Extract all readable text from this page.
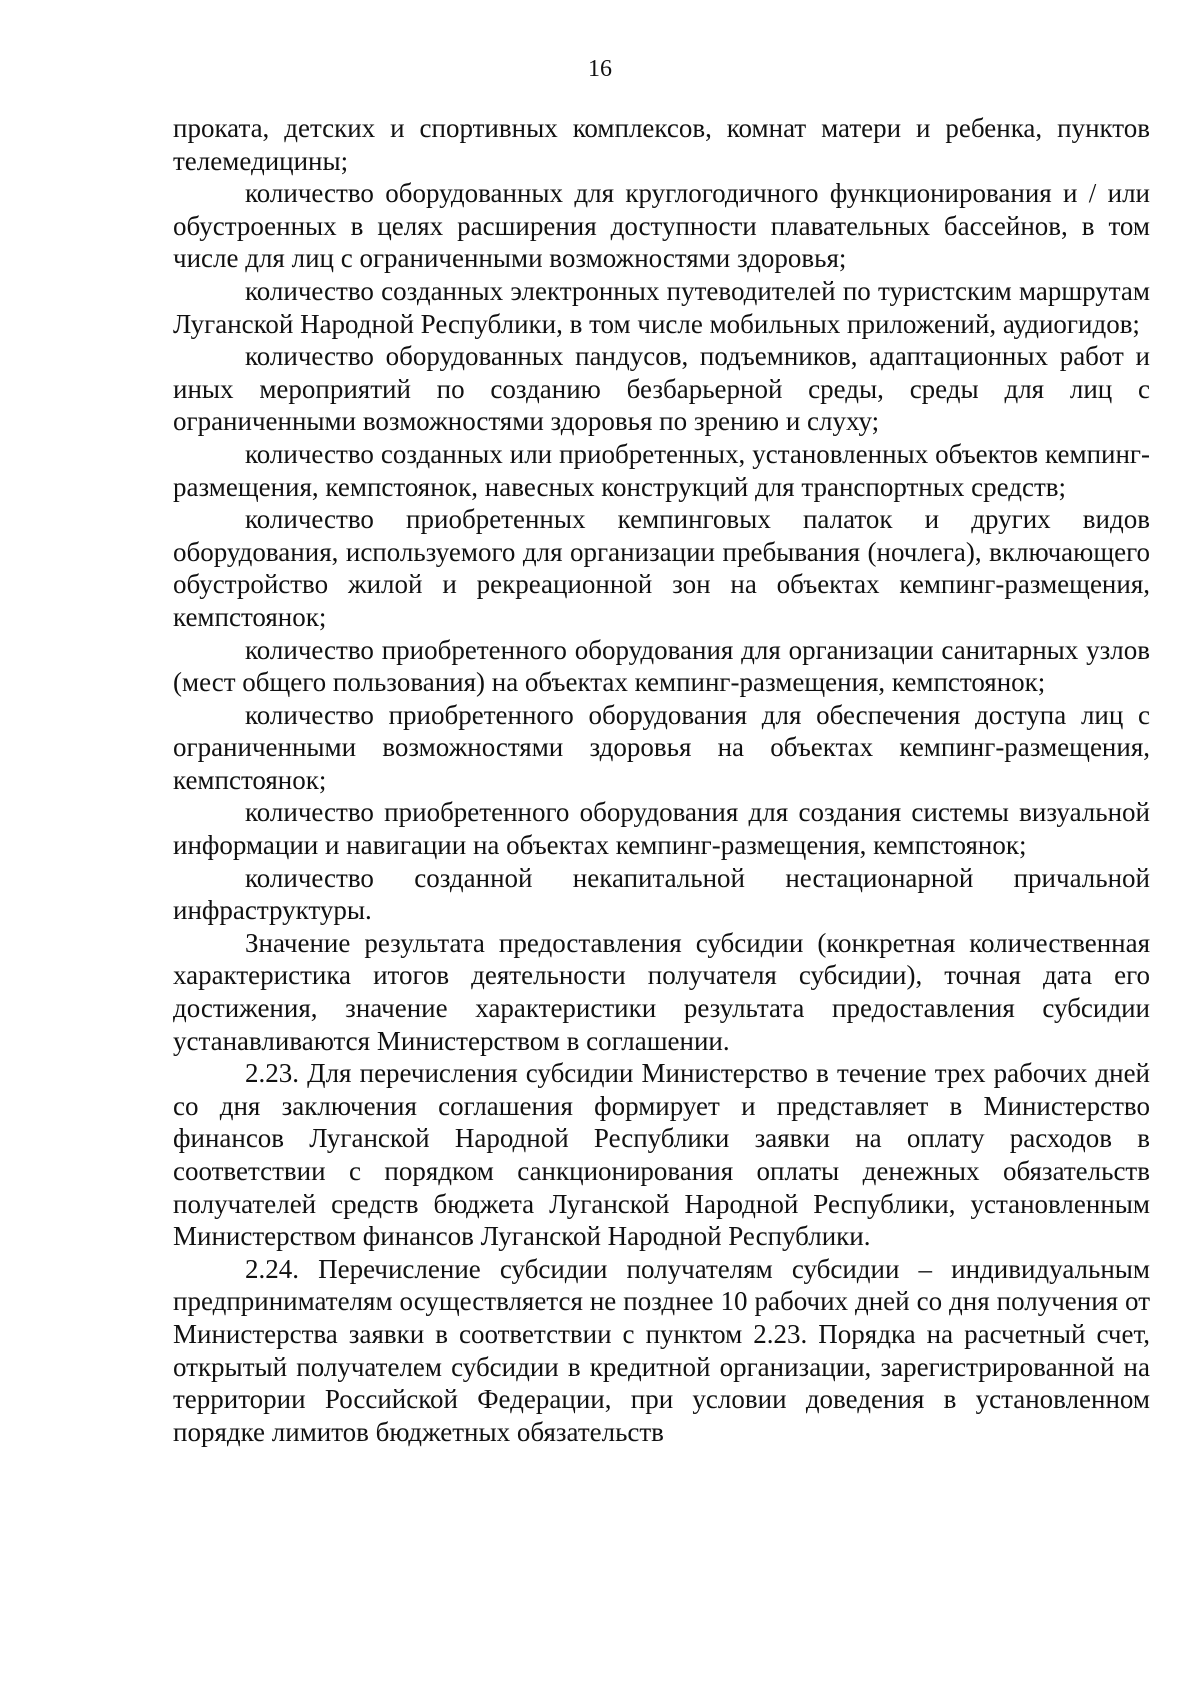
16

проката, детских и спортивных комплексов, комнат матери и ребенка, пунктов телемедицины;

количество оборудованных для круглогодичного функционирования и / или обустроенных в целях расширения доступности плавательных бассейнов, в том числе для лиц с ограниченными возможностями здоровья;

количество созданных электронных путеводителей по туристским маршрутам Луганской Народной Республики, в том числе мобильных приложений, аудиогидов;

количество оборудованных пандусов, подъемников, адаптационных работ и иных мероприятий по созданию безбарьерной среды, среды для лиц с ограниченными возможностями здоровья по зрению и слуху;

количество созданных или приобретенных, установленных объектов кемпинг-размещения, кемпстоянок, навесных конструкций для транспортных средств;

количество приобретенных кемпинговых палаток и других видов оборудования, используемого для организации пребывания (ночлега), включающего обустройство жилой и рекреационной зон на объектах кемпинг-размещения, кемпстоянок;

количество приобретенного оборудования для организации санитарных узлов (мест общего пользования) на объектах кемпинг-размещения, кемпстоянок;

количество приобретенного оборудования для обеспечения доступа лиц с ограниченными возможностями здоровья на объектах кемпинг-размещения, кемпстоянок;

количество приобретенного оборудования для создания системы визуальной информации и навигации на объектах кемпинг-размещения, кемпстоянок;

количество созданной некапитальной нестационарной причальной инфраструктуры.

Значение результата предоставления субсидии (конкретная количественная характеристика итогов деятельности получателя субсидии), точная дата его достижения, значение характеристики результата предоставления субсидии устанавливаются Министерством в соглашении.

2.23. Для перечисления субсидии Министерство в течение трех рабочих дней со дня заключения соглашения формирует и представляет в Министерство финансов Луганской Народной Республики заявки на оплату расходов в соответствии с порядком санкционирования оплаты денежных обязательств получателей средств бюджета Луганской Народной Республики, установленным Министерством финансов Луганской Народной Республики.

2.24. Перечисление субсидии получателям субсидии – индивидуальным предпринимателям осуществляется не позднее 10 рабочих дней со дня получения от Министерства заявки в соответствии с пунктом 2.23. Порядка на расчетный счет, открытый получателем субсидии в кредитной организации, зарегистрированной на территории Российской Федерации, при условии доведения в установленном порядке лимитов бюджетных обязательств
